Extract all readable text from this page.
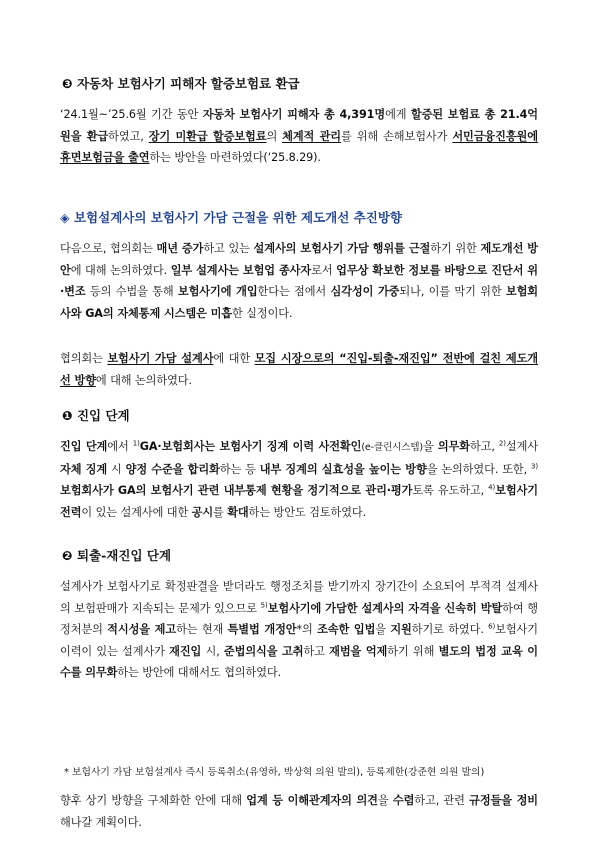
❸ 자동차 보험사기 피해자 할증보험료 환급
‘24.1월~’25.6월 기간 동안 자동차 보험사기 피해자 총 4,391명에게 할증된 보험료 총 21.4억원을 환급하였고, 장기 미환급 할증보험료의 체계적 관리를 위해 손해보험사가 서민금융진흥원에 휴면보험금을 출연하는 방안을 마련하였다(‘25.8.29).
◈ 보험설계사의 보험사기 가담 근절을 위한 제도개선 추진방향
다음으로, 협의회는 매년 증가하고 있는 설계사의 보험사기 가담 행위를 근절하기 위한 제도개선 방안에 대해 논의하였다. 일부 설계사는 보험업 종사자로서 업무상 확보한 정보를 바탕으로 진단서 위·변조 등의 수법을 통해 보험사기에 개입한다는 점에서 심각성이 가중되나, 이를 막기 위한 보험회사와 GA의 자체통제 시스템은 미흡한 실정이다.
협의회는 보험사기 가담 설계사에 대한 모집 시장으로의 “진입-퇴출-재진입” 전반에 걸친 제도개선 방향에 대해 논의하였다.
❶ 진입 단계
진입 단계에서 $^{1)}$GA·보험회사는 보험사기 징계 이력 사전확인(e-클린시스템)을 의무화하고, $^{2)}$설계사 자체 징계 시 양정 수준을 합리화하는 등 내부 징계의 실효성을 높이는 방향을 논의하였다. 또한, $^{3)}$보험회사가 GA의 보험사기 관련 내부통제 현황을 정기적으로 관리·평가토록 유도하고, $^{4)}$보험사기 전력이 있는 설계사에 대한 공시를 확대하는 방안도 검토하였다.
❷ 퇴출-재진입 단계
설계사가 보험사기로 확정판결을 받더라도 행정조치를 받기까지 장기간이 소요되어 부적격 설계사의 보험판매가 지속되는 문제가 있으므로 $^{5)}$보험사기에 가담한 설계사의 자격을 신속히 박탈하여 행정처분의 적시성을 제고하는 현재 특별법 개정안*의 조속한 입법을 지원하기로 하였다. $^{6)}$보험사기 이력이 있는 설계사가 재진입 시, 준법의식을 고취하고 재범을 억제하기 위해 별도의 법정 교육 이수를 의무화하는 방안에 대해서도 협의하였다.
* 보험사기 가담 보험설계사 즉시 등록취소(유영하, 박상혁 의원 발의), 등록제한(강준현 의원 발의)
향후 상기 방향을 구체화한 안에 대해 업계 등 이해관계자의 의견을 수렴하고, 관련 규정들을 정비해나갈 계획이다.
